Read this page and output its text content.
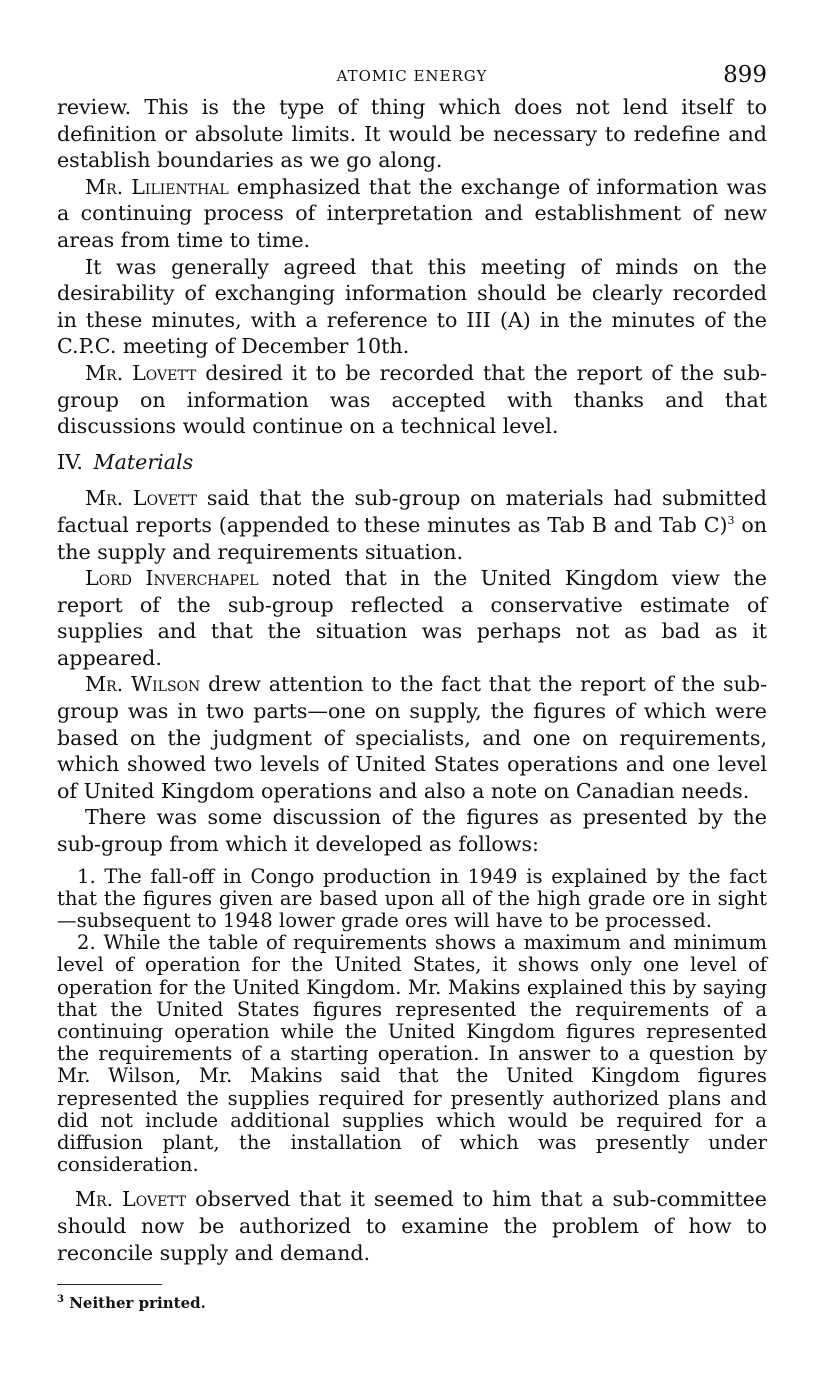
ATOMIC ENERGY	899

review. This is the type of thing which does not lend itself to definition or absolute limits. It would be necessary to redefine and establish boundaries as we go along.

Mr. Lilienthal emphasized that the exchange of information was a continuing process of interpretation and establishment of new areas from time to time.

It was generally agreed that this meeting of minds on the desirability of exchanging information should be clearly recorded in these minutes, with a reference to III (A) in the minutes of the C.P.C. meeting of December 10th.

Mr. Lovett desired it to be recorded that the report of the sub-group on information was accepted with thanks and that discussions would continue on a technical level.

IV. Materials

Mr. Lovett said that the sub-group on materials had submitted factual reports (appended to these minutes as Tab B and Tab C)$^3$ on the supply and requirements situation.

Lord Inverchapel noted that in the United Kingdom view the report of the sub-group reflected a conservative estimate of supplies and that the situation was perhaps not as bad as it appeared.

Mr. Wilson drew attention to the fact that the report of the sub-group was in two parts—one on supply, the figures of which were based on the judgment of specialists, and one on requirements, which showed two levels of United States operations and one level of United Kingdom operations and also a note on Canadian needs.

There was some discussion of the figures as presented by the sub-group from which it developed as follows:

1. The fall-off in Congo production in 1949 is explained by the fact that the figures given are based upon all of the high grade ore in sight—subsequent to 1948 lower grade ores will have to be processed.

2. While the table of requirements shows a maximum and minimum level of operation for the United States, it shows only one level of operation for the United Kingdom. Mr. Makins explained this by saying that the United States figures represented the requirements of a continuing operation while the United Kingdom figures represented the requirements of a starting operation. In answer to a question by Mr. Wilson, Mr. Makins said that the United Kingdom figures represented the supplies required for presently authorized plans and did not include additional supplies which would be required for a diffusion plant, the installation of which was presently under consideration.

Mr. Lovett observed that it seemed to him that a sub-committee should now be authorized to examine the problem of how to reconcile supply and demand.

$^3$ Neither printed.
